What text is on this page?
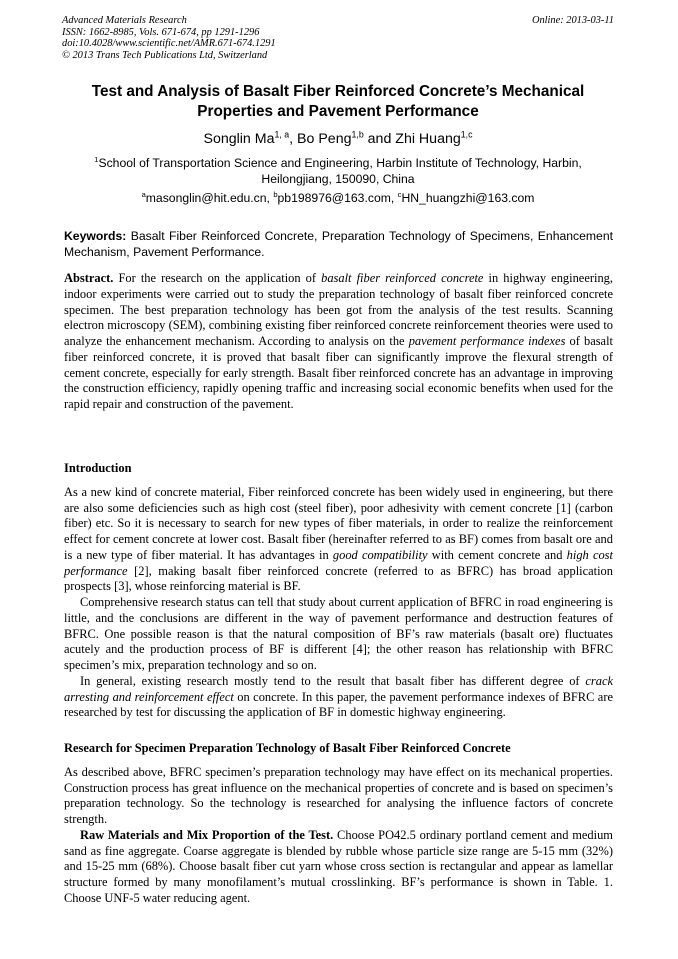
Advanced Materials Research
ISSN: 1662-8985, Vols. 671-674, pp 1291-1296
doi:10.4028/www.scientific.net/AMR.671-674.1291
© 2013 Trans Tech Publications Ltd, Switzerland
Online: 2013-03-11
Test and Analysis of Basalt Fiber Reinforced Concrete’s Mechanical
Properties and Pavement Performance
Songlin Ma$^{1, a}$, Bo Peng$^{1,b}$ and Zhi Huang$^{1,c}$
$^1$School of Transportation Science and Engineering, Harbin Institute of Technology, Harbin,
Heilongjiang, 150090, China
$^a$masonglin@hit.edu.cn, $^b$pb198976@163.com, $^c$HN_huangzhi@163.com
Keywords: Basalt Fiber Reinforced Concrete, Preparation Technology of Specimens, Enhancement Mechanism, Pavement Performance.

Abstract. For the research on the application of basalt fiber reinforced concrete in highway engineering, indoor experiments were carried out to study the preparation technology of basalt fiber reinforced concrete specimen. The best preparation technology has been got from the analysis of the test results. Scanning electron microscopy (SEM), combining existing fiber reinforced concrete reinforcement theories were used to analyze the enhancement mechanism. According to analysis on the pavement performance indexes of basalt fiber reinforced concrete, it is proved that basalt fiber can significantly improve the flexural strength of cement concrete, especially for early strength. Basalt fiber reinforced concrete has an advantage in improving the construction efficiency, rapidly opening traffic and increasing social economic benefits when used for the rapid repair and construction of the pavement.

Introduction

As a new kind of concrete material, Fiber reinforced concrete has been widely used in engineering, but there are also some deficiencies such as high cost (steel fiber), poor adhesivity with cement concrete [1] (carbon fiber) etc. So it is necessary to search for new types of fiber materials, in order to realize the reinforcement effect for cement concrete at lower cost. Basalt fiber (hereinafter referred to as BF) comes from basalt ore and is a new type of fiber material. It has advantages in good compatibility with cement concrete and high cost performance [2], making basalt fiber reinforced concrete (referred to as BFRC) has broad application prospects [3], whose reinforcing material is BF.

Comprehensive research status can tell that study about current application of BFRC in road engineering is little, and the conclusions are different in the way of pavement performance and destruction features of BFRC. One possible reason is that the natural composition of BF’s raw materials (basalt ore) fluctuates acutely and the production process of BF is different [4]; the other reason has relationship with BFRC specimen’s mix, preparation technology and so on.

In general, existing research mostly tend to the result that basalt fiber has different degree of crack arresting and reinforcement effect on concrete. In this paper, the pavement performance indexes of BFRC are researched by test for discussing the application of BF in domestic highway engineering.

Research for Specimen Preparation Technology of Basalt Fiber Reinforced Concrete

As described above, BFRC specimen’s preparation technology may have effect on its mechanical properties. Construction process has great influence on the mechanical properties of concrete and is based on specimen’s preparation technology. So the technology is researched for analysing the influence factors of concrete strength.

Raw Materials and Mix Proportion of the Test. Choose PO42.5 ordinary portland cement and medium sand as fine aggregate. Coarse aggregate is blended by rubble whose particle size range are 5-15 mm (32%) and 15-25 mm (68%). Choose basalt fiber cut yarn whose cross section is rectangular and appear as lamellar structure formed by many monofilament’s mutual crosslinking. BF’s performance is shown in Table. 1. Choose UNF-5 water reducing agent.
